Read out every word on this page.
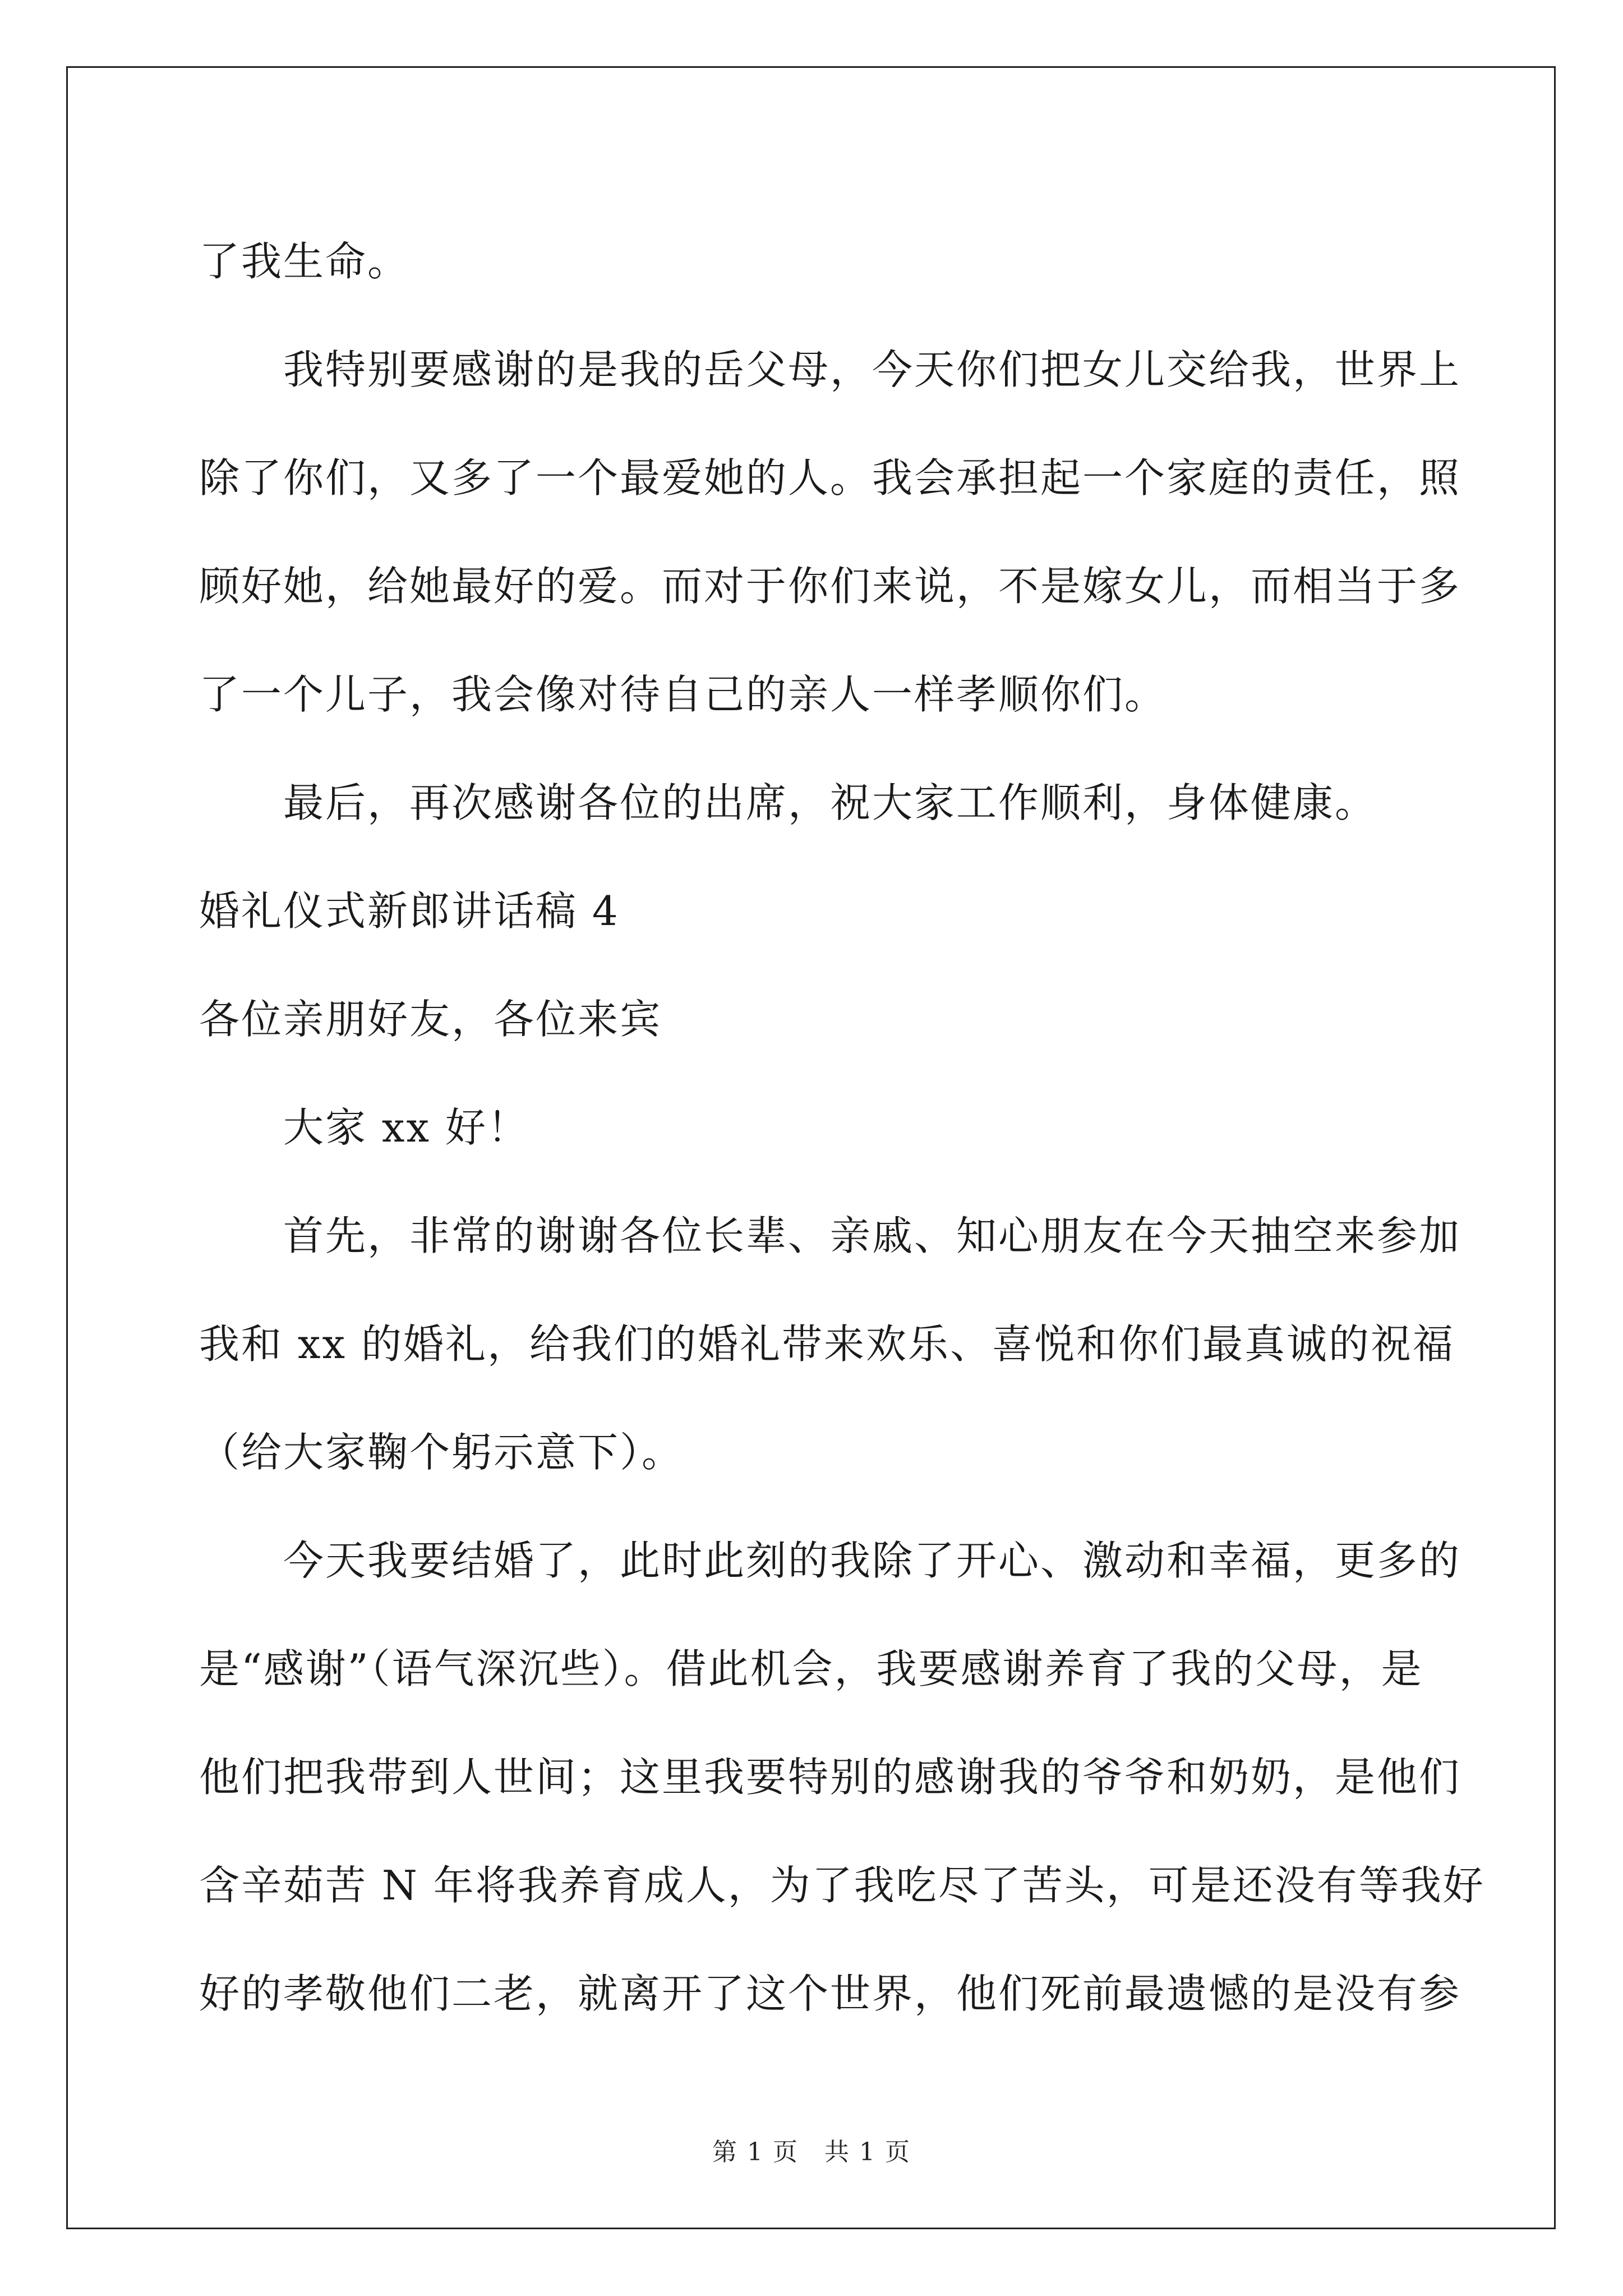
了我生命。
我特别要感谢的是我的岳父母，今天你们把女儿交给我，世界上
除了你们，又多了一个最爱她的人。我会承担起一个家庭的责任，照
顾好她，给她最好的爱。而对于你们来说，不是嫁女儿，而相当于多
了一个儿子，我会像对待自己的亲人一样孝顺你们。
最后，再次感谢各位的出席，祝大家工作顺利，身体健康。
婚礼仪式新郎讲话稿 4
各位亲朋好友，各位来宾
大家 xx 好！
首先，非常的谢谢各位长辈、亲戚、知心朋友在今天抽空来参加
我和 xx 的婚礼，给我们的婚礼带来欢乐、喜悦和你们最真诚的祝福
（给大家鞠个躬示意下）。
今天我要结婚了，此时此刻的我除了开心、激动和幸福，更多的
是“感谢”（语气深沉些）。借此机会，我要感谢养育了我的父母，是
他们把我带到人世间；这里我要特别的感谢我的爷爷和奶奶，是他们
含辛茹苦 N 年将我养育成人，为了我吃尽了苦头，可是还没有等我好
好的孝敬他们二老，就离开了这个世界，他们死前最遗憾的是没有参
第 1 页　共 1 页
